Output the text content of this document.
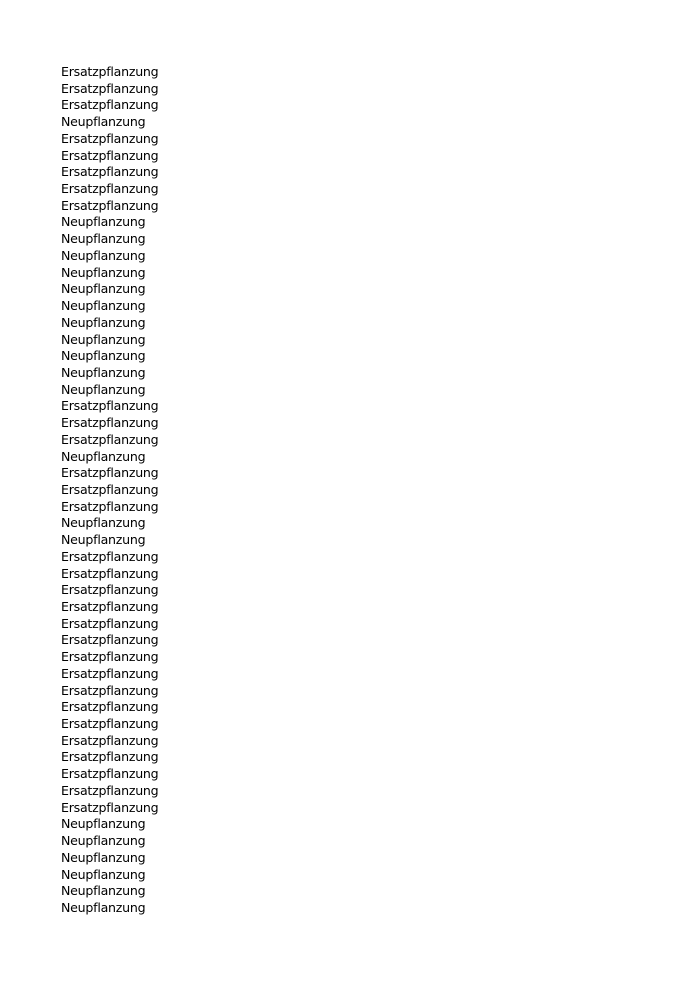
Ersatzpflanzung
Ersatzpflanzung
Ersatzpflanzung
Neupflanzung
Ersatzpflanzung
Ersatzpflanzung
Ersatzpflanzung
Ersatzpflanzung
Ersatzpflanzung
Neupflanzung
Neupflanzung
Neupflanzung
Neupflanzung
Neupflanzung
Neupflanzung
Neupflanzung
Neupflanzung
Neupflanzung
Neupflanzung
Neupflanzung
Ersatzpflanzung
Ersatzpflanzung
Ersatzpflanzung
Neupflanzung
Ersatzpflanzung
Ersatzpflanzung
Ersatzpflanzung
Neupflanzung
Neupflanzung
Ersatzpflanzung
Ersatzpflanzung
Ersatzpflanzung
Ersatzpflanzung
Ersatzpflanzung
Ersatzpflanzung
Ersatzpflanzung
Ersatzpflanzung
Ersatzpflanzung
Ersatzpflanzung
Ersatzpflanzung
Ersatzpflanzung
Ersatzpflanzung
Ersatzpflanzung
Ersatzpflanzung
Ersatzpflanzung
Neupflanzung
Neupflanzung
Neupflanzung
Neupflanzung
Neupflanzung
Neupflanzung
